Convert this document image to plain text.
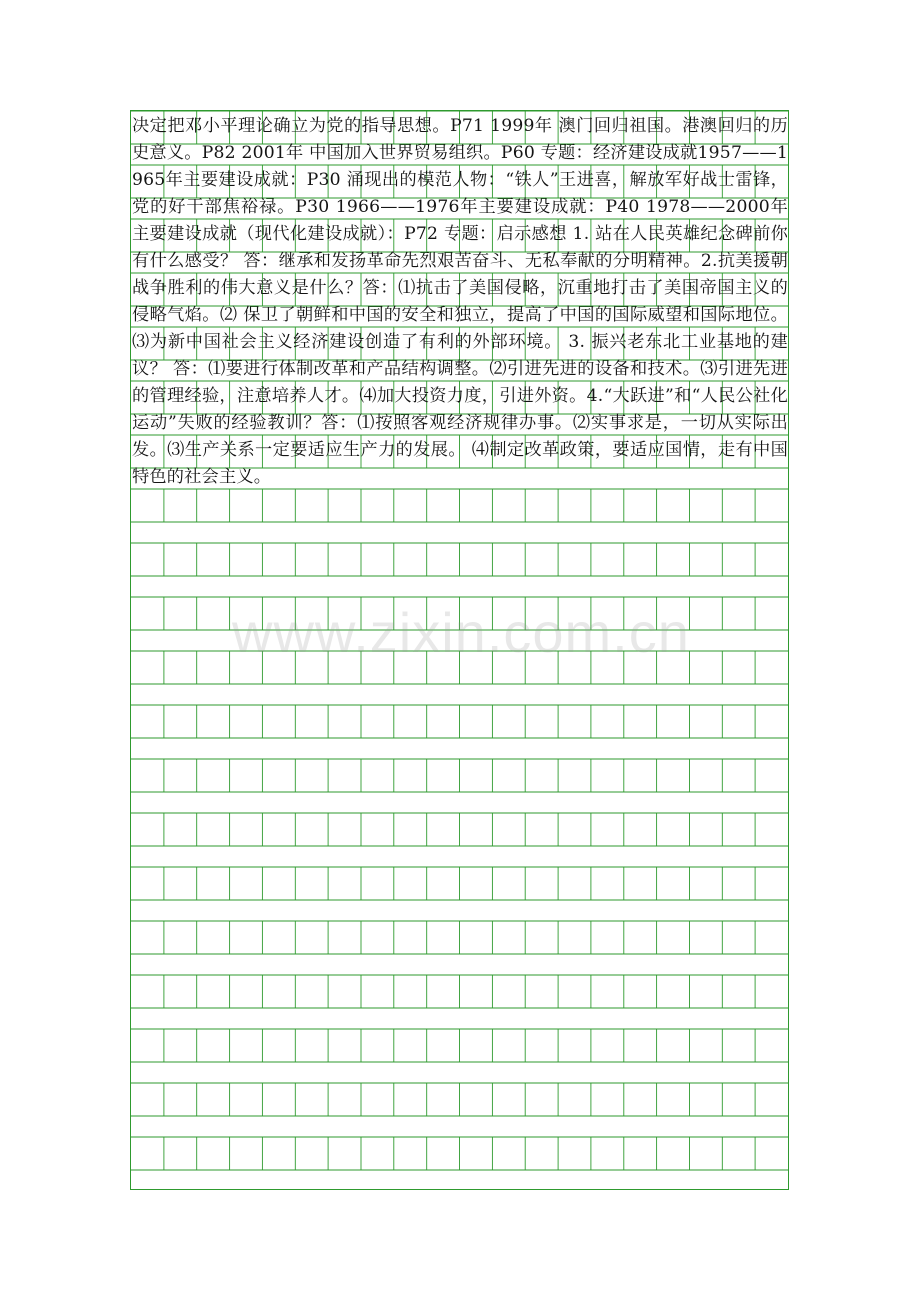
决定把邓小平理论确立为党的指导思想。P71 1999年 澳门回归祖国。港澳回归的历史意义。P82 2001年 中国加入世界贸易组织。P60 专题：经济建设成就1957——1965年主要建设成就：P30 涌现出的模范人物：“铁人”王进喜，解放军好战士雷锋，党的好干部焦裕禄。P30 1966——1976年主要建设成就：P40 1978——2000年主要建设成就（现代化建设成就）：P72 专题：启示感想 1. 站在人民英雄纪念碑前你有什么感受？ 答：继承和发扬革命先烈艰苦奋斗、无私奉献的分明精神。2.抗美援朝战争胜利的伟大意义是什么？答：⑴抗击了美国侵略，沉重地打击了美国帝国主义的侵略气焰。⑵ 保卫了朝鲜和中国的安全和独立，提高了中国的国际威望和国际地位。⑶为新中国社会主义经济建设创造了有利的外部环境。 3. 振兴老东北工业基地的建议？ 答：⑴要进行体制改革和产品结构调整。⑵引进先进的设备和技术。⑶引进先进的管理经验，注意培养人才。⑷加大投资力度，引进外资。4.“大跃进”和“人民公社化运动”失败的经验教训？答：⑴按照客观经济规律办事。⑵实事求是，一切从实际出发。⑶生产关系一定要适应生产力的发展。 ⑷制定改革政策，要适应国情，走有中国特色的社会主义。
www.zixin.com.cn
